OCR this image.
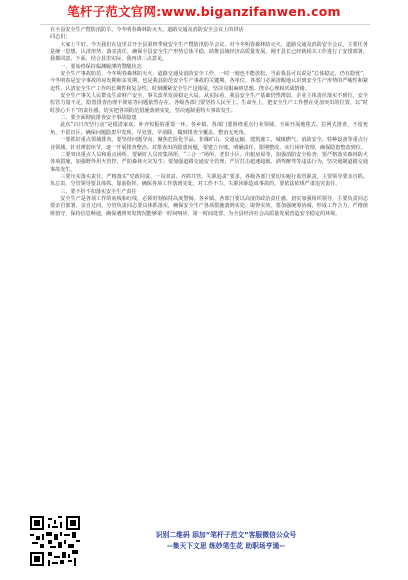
笔杆子范文官网:www.biganzifanwen.com

在全县安全生产暨防汛防旱、今冬明春森林防灭火、道路交通及消防安全会议上的讲话

同志们：

大家上午好。今天我们在这里召开全县第四季度安全生产暨防汛防旱会议，对今冬明春森林防灭火、道路交通及消防安全会议，主要任务是统一思想、认清形势、落实责任，确保全县安全生产形势总体平稳，助推县域经济高质量发展。刚才县长已经就相关工作进行了安排部署，我都同意。下面，结合县里实际，我再讲三点意见。

一、要始终保持临渊履薄的警醒状态

安全生产事故防范、今冬明春森林防灭火、道路交通及消防安全工作，一时一刻也不能放松。当前我县可以说是“总体稳定、仍有隐忧”，今冬明春是安全事故的易发期和多发期，也是我县防范安全生产事故的关键期。各单位、各部门必须清醒地认识到安全生产形势的严峻性和紧迫性，认清安全生产工作的长期性和复杂性，时刻绷紧安全生产这根弦，坚决克服麻痹思想、侥幸心理和厌战情绪。

安全生产事关人民群众生命财产安全，事关改革发展稳定大局。从实际看，我县安全生产基础仍然薄弱，企业主体责任落实不到位，安全监管力量不足，隐患排查治理不彻底等问题依然存在。各级各部门要坚持人民至上、生命至上，把安全生产工作摆在更加突出的位置，以“时时放心不下”的责任感，切实把各项防范措施落到实处，坚决遏制重特大事故发生。

二、要全面彻底排查安全事故隐患

此次“百日攻坚行动”是摸清家底、补齐短板的重要一环。各乡镇、各部门要围绕重点行业领域，全面开展地毯式、拉网式排查，不留死角、不留盲区，确保问题隐患早发现、早处置、早消除，做到排查全覆盖、整治无死角。

一要抓好重点领域排查。要坚持问题导向，聚焦危险化学品、非煤矿山、交通运输、建筑施工、城镇燃气、消防安全、特种设备等重点行业领域，针对薄弱环节，逐一开展排查整治。对排查出的隐患问题，要建立台账、明确责任、限期整改，实行闭环管理，确保隐患整改到位。

二要突出重点人员和重点场所。要紧盯人员密集场所、“三合一”场所、老旧小区、出租房屋等，加强消防安全检查；要严格落实森林防火各项措施，加强野外用火管控，严防森林火灾发生；要加强道路交通安全管理，严厉打击超速超载、酒驾醉驾等违法行为，坚决遏制道路交通事故发生。

三要压实落实责任。严格落实“党政同责、一岗双责、齐抓共管、失职追责”要求，各级各部门要切实履行监管职责，主要领导要亲自抓、负总责，分管领导要具体抓、靠前指挥，确保各项工作落到实处。对工作不力、失职渎职造成事故的，要依法依规严肃追究责任。

三、要不折不扣落实安全生产责任

安全生产是各项工作的底线和红线，必须时刻保持高度警惕。各乡镇、各部门要以高度的政治责任感，切实加强组织领导，主要负责同志要亲自部署、亲自过问，分管负责同志要具体抓落实，确保安全生产各项措施落到实处、取得实效。要加强统筹协调，形成工作合力，严格值班值守，保持信息畅通，确保遇到突发情况能够第一时间响应、第一时间处置，为全县经济社会高质量发展营造安全稳定的环境。

识别二维码 添加“笔杆子范文”客服微信公众号
--集天下文思 练妙笔生花 助职场亨通--
